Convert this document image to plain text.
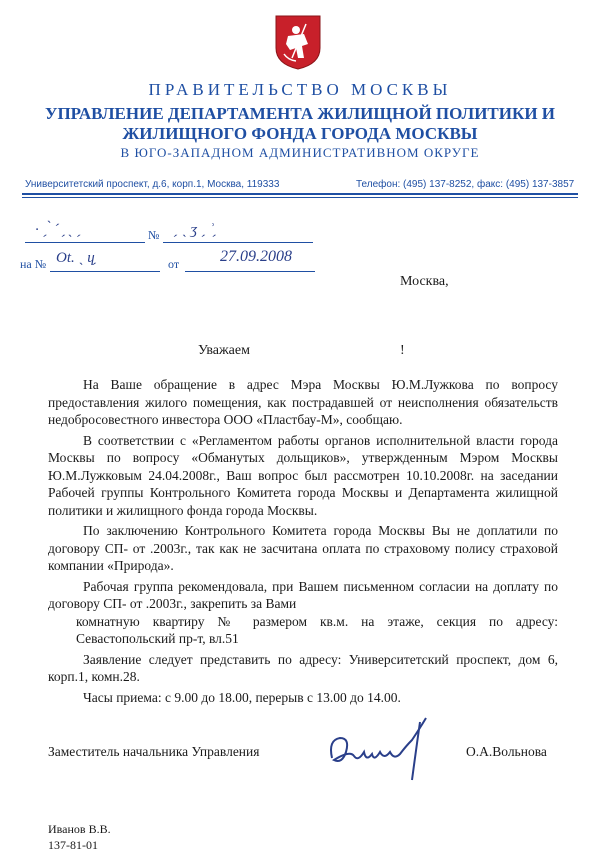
ПРАВИТЕЛЬСТВО МОСКВЫ
УПРАВЛЕНИЕ ДЕПАРТАМЕНТА ЖИЛИЩНОЙ ПОЛИТИКИ И
ЖИЛИЩНОГО ФОНДА ГОРОДА МОСКВЫ
В ЮГО-ЗАПАДНОМ АДМИНИСТРАТИВНОМ ОКРУГЕ
Университетский проспект, д.6, корп.1, Москва, 119333	Телефон: (495) 137-8252, факс: (495) 137-3857
· ˏ ̀ ˊ ̗ ˎ ˏ	№ ˏ ˎ ʒ ˏ ʾ̗
на № Ot. ˎ ɥ̗	от	27.09.2008
Москва,
Уважаем	!

На Ваше обращение в адрес Мэра Москвы Ю.М.Лужкова по вопросу предоставления жилого помещения, как пострадавшей от неисполнения обязательств недобросовестного инвестора ООО «Пластбау-М», сообщаю.

В соответствии с «Регламентом работы органов исполнительной власти города Москвы по вопросу «Обманутых дольщиков», утвержденным Мэром Москвы Ю.М.Лужковым 24.04.2008г., Ваш вопрос был рассмотрен 10.10.2008г. на заседании Рабочей группы Контрольного Комитета города Москвы и Департамента жилищной политики и жилищного фонда города Москвы.

По заключению Контрольного Комитета города Москвы Вы не доплатили по договору СП- от .2003г., так как не засчитана оплата по страховому полису страховой компании «Природа».

Рабочая группа рекомендовала, при Вашем письменном согласии на доплату по договору СП- от .2003г., закрепить за Вами

комнатную квартиру № размером кв.м. на этаже, секция по адресу: Севастопольский пр-т, вл.51

Заявление следует представить по адресу: Университетский проспект, дом 6, корп.1, комн.28.

Часы приема: с 9.00 до 18.00, перерыв с 13.00 до 14.00.

Заместитель начальника Управления	О.А.Вольнова
Иванов В.В.
137-81-01
